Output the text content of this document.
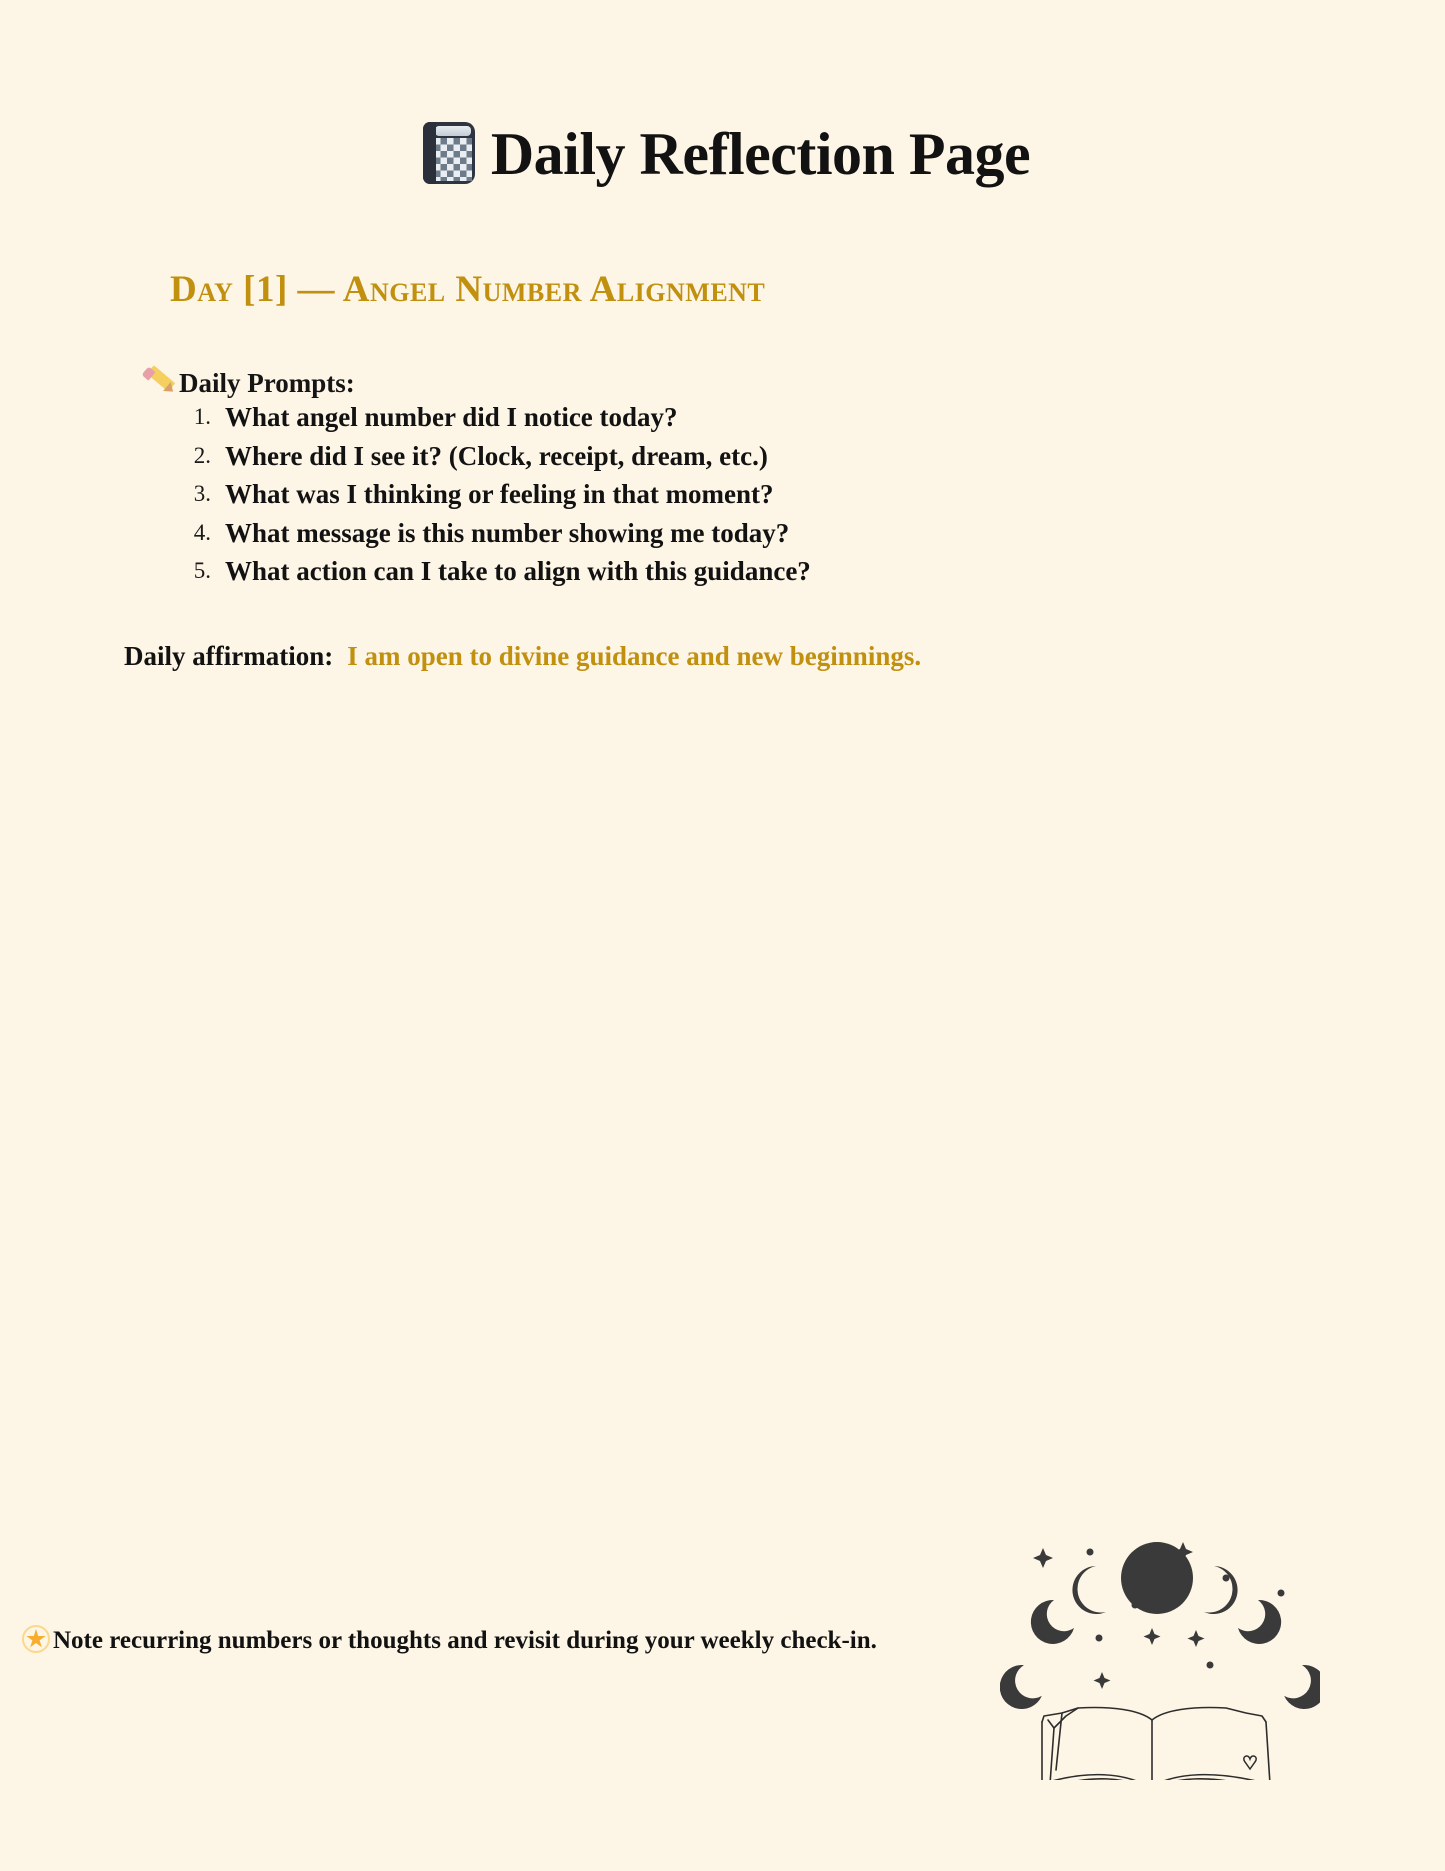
Daily Reflection Page
Day [1] — Angel Number Alignment
Daily Prompts:
1. What angel number did I notice today?
2. Where did I see it? (Clock, receipt, dream, etc.)
3. What was I thinking or feeling in that moment?
4. What message is this number showing me today?
5. What action can I take to align with this guidance?
Daily affirmation: I am open to divine guidance and new beginnings.
Note recurring numbers or thoughts and revisit during your weekly check-in.
